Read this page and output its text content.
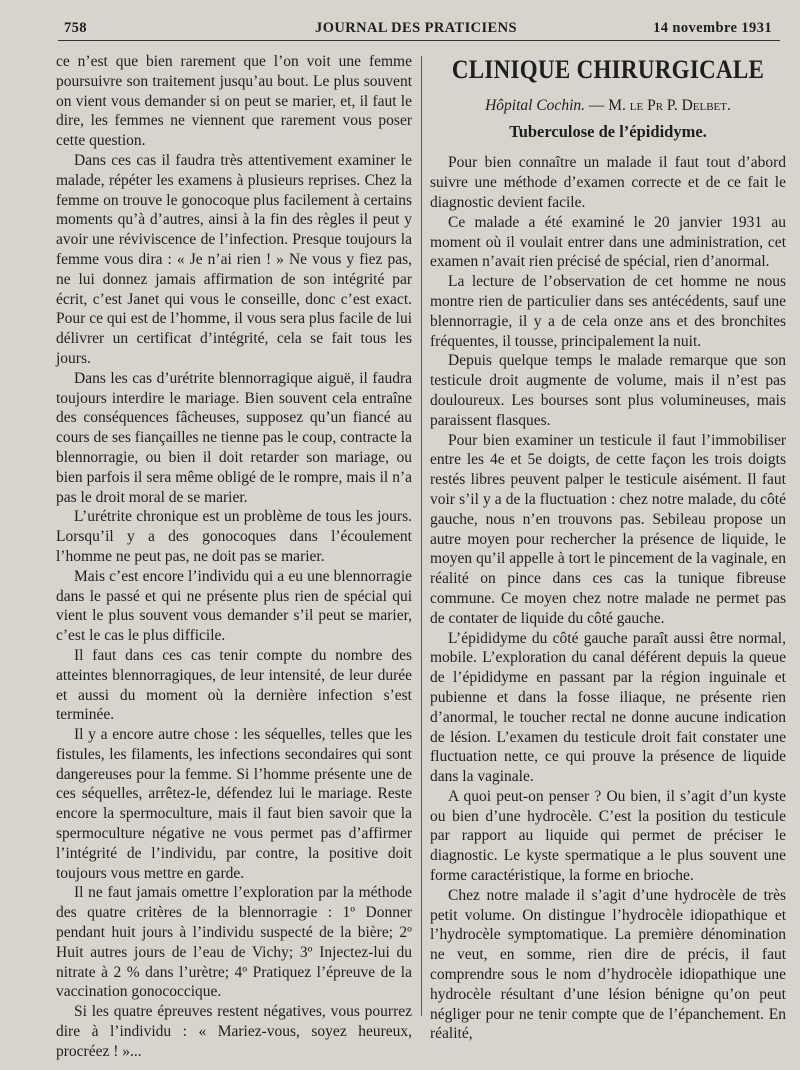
758	JOURNAL DES PRATICIENS	14 novembre 1931

ce n’est que bien rarement que l’on voit une femme poursuivre son traitement jusqu’au bout. Le plus souvent on vient vous demander si on peut se marier, et, il faut le dire, les femmes ne viennent que rarement vous poser cette question.

Dans ces cas il faudra très attentivement examiner le malade, répéter les examens à plusieurs reprises. Chez la femme on trouve le gonocoque plus facilement à certains moments qu’à d’autres, ainsi à la fin des règles il peut y avoir une réviviscence de l’infection. Presque toujours la femme vous dira : « Je n’ai rien ! » Ne vous y fiez pas, ne lui donnez jamais affirmation de son intégrité par écrit, c’est Janet qui vous le conseille, donc c’est exact. Pour ce qui est de l’homme, il vous sera plus facile de lui délivrer un certificat d’intégrité, cela se fait tous les jours.

Dans les cas d’urétrite blennorragique aiguë, il faudra toujours interdire le mariage. Bien souvent cela entraîne des conséquences fâcheuses, supposez qu’un fiancé au cours de ses fiançailles ne tienne pas le coup, contracte la blennorragie, ou bien il doit retarder son mariage, ou bien parfois il sera même obligé de le rompre, mais il n’a pas le droit moral de se marier.

L’urétrite chronique est un problème de tous les jours. Lorsqu’il y a des gonocoques dans l’écoulement l’homme ne peut pas, ne doit pas se marier.

Mais c’est encore l’individu qui a eu une blennorragie dans le passé et qui ne présente plus rien de spécial qui vient le plus souvent vous demander s’il peut se marier, c’est le cas le plus difficile.

Il faut dans ces cas tenir compte du nombre des atteintes blennorragiques, de leur intensité, de leur durée et aussi du moment où la dernière infection s’est terminée.

Il y a encore autre chose : les séquelles, telles que les fistules, les filaments, les infections secondaires qui sont dangereuses pour la femme. Si l’homme présente une de ces séquelles, arrêtez-le, défendez lui le mariage. Reste encore la spermoculture, mais il faut bien savoir que la spermoculture négative ne vous permet pas d’affirmer l’intégrité de l’individu, par contre, la positive doit toujours vous mettre en garde.

Il ne faut jamais omettre l’exploration par la méthode des quatre critères de la blennorragie : 1º Donner pendant huit jours à l’individu suspecté de la bière; 2º Huit autres jours de l’eau de Vichy; 3º Injectez-lui du nitrate à 2 % dans l’urètre; 4º Pratiquez l’épreuve de la vaccination gonococcique.

Si les quatre épreuves restent négatives, vous pourrez dire à l’individu : « Mariez-vous, soyez heureux, procréez ! »...

CLINIQUE CHIRURGICALE
Hôpital Cochin. — M. le Pr P. Delbet.
Tuberculose de l’épididyme.

Pour bien connaître un malade il faut tout d’abord suivre une méthode d’examen correcte et de ce fait le diagnostic devient facile.

Ce malade a été examiné le 20 janvier 1931 au moment où il voulait entrer dans une administration, cet examen n’avait rien précisé de spécial, rien d’anormal.

La lecture de l’observation de cet homme ne nous montre rien de particulier dans ses antécédents, sauf une blennorragie, il y a de cela onze ans et des bronchites fréquentes, il tousse, principalement la nuit.

Depuis quelque temps le malade remarque que son testicule droit augmente de volume, mais il n’est pas douloureux. Les bourses sont plus volumineuses, mais paraissent flasques.

Pour bien examiner un testicule il faut l’immobiliser entre les 4e et 5e doigts, de cette façon les trois doigts restés libres peuvent palper le testicule aisément. Il faut voir s’il y a de la fluctuation : chez notre malade, du côté gauche, nous n’en trouvons pas. Sebileau propose un autre moyen pour rechercher la présence de liquide, le moyen qu’il appelle à tort le pincement de la vaginale, en réalité on pince dans ces cas la tunique fibreuse commune. Ce moyen chez notre malade ne permet pas de contater de liquide du côté gauche.

L’épididyme du côté gauche paraît aussi être normal, mobile. L’exploration du canal déférent depuis la queue de l’épididyme en passant par la région inguinale et pubienne et dans la fosse iliaque, ne présente rien d’anormal, le toucher rectal ne donne aucune indication de lésion. L’examen du testicule droit fait constater une fluctuation nette, ce qui prouve la présence de liquide dans la vaginale.

A quoi peut-on penser ? Ou bien, il s’agit d’un kyste ou bien d’une hydrocèle. C’est la position du testicule par rapport au liquide qui permet de préciser le diagnostic. Le kyste spermatique a le plus souvent une forme caractéristique, la forme en brioche.

Chez notre malade il s’agit d’une hydrocèle de très petit volume. On distingue l’hydrocèle idiopathique et l’hydrocèle symptomatique. La première dénomination ne veut, en somme, rien dire de précis, il faut comprendre sous le nom d’hydrocèle idiopathique une hydrocèle résultant d’une lésion bénigne qu’on peut négliger pour ne tenir compte que de l’épanchement. En réalité,
